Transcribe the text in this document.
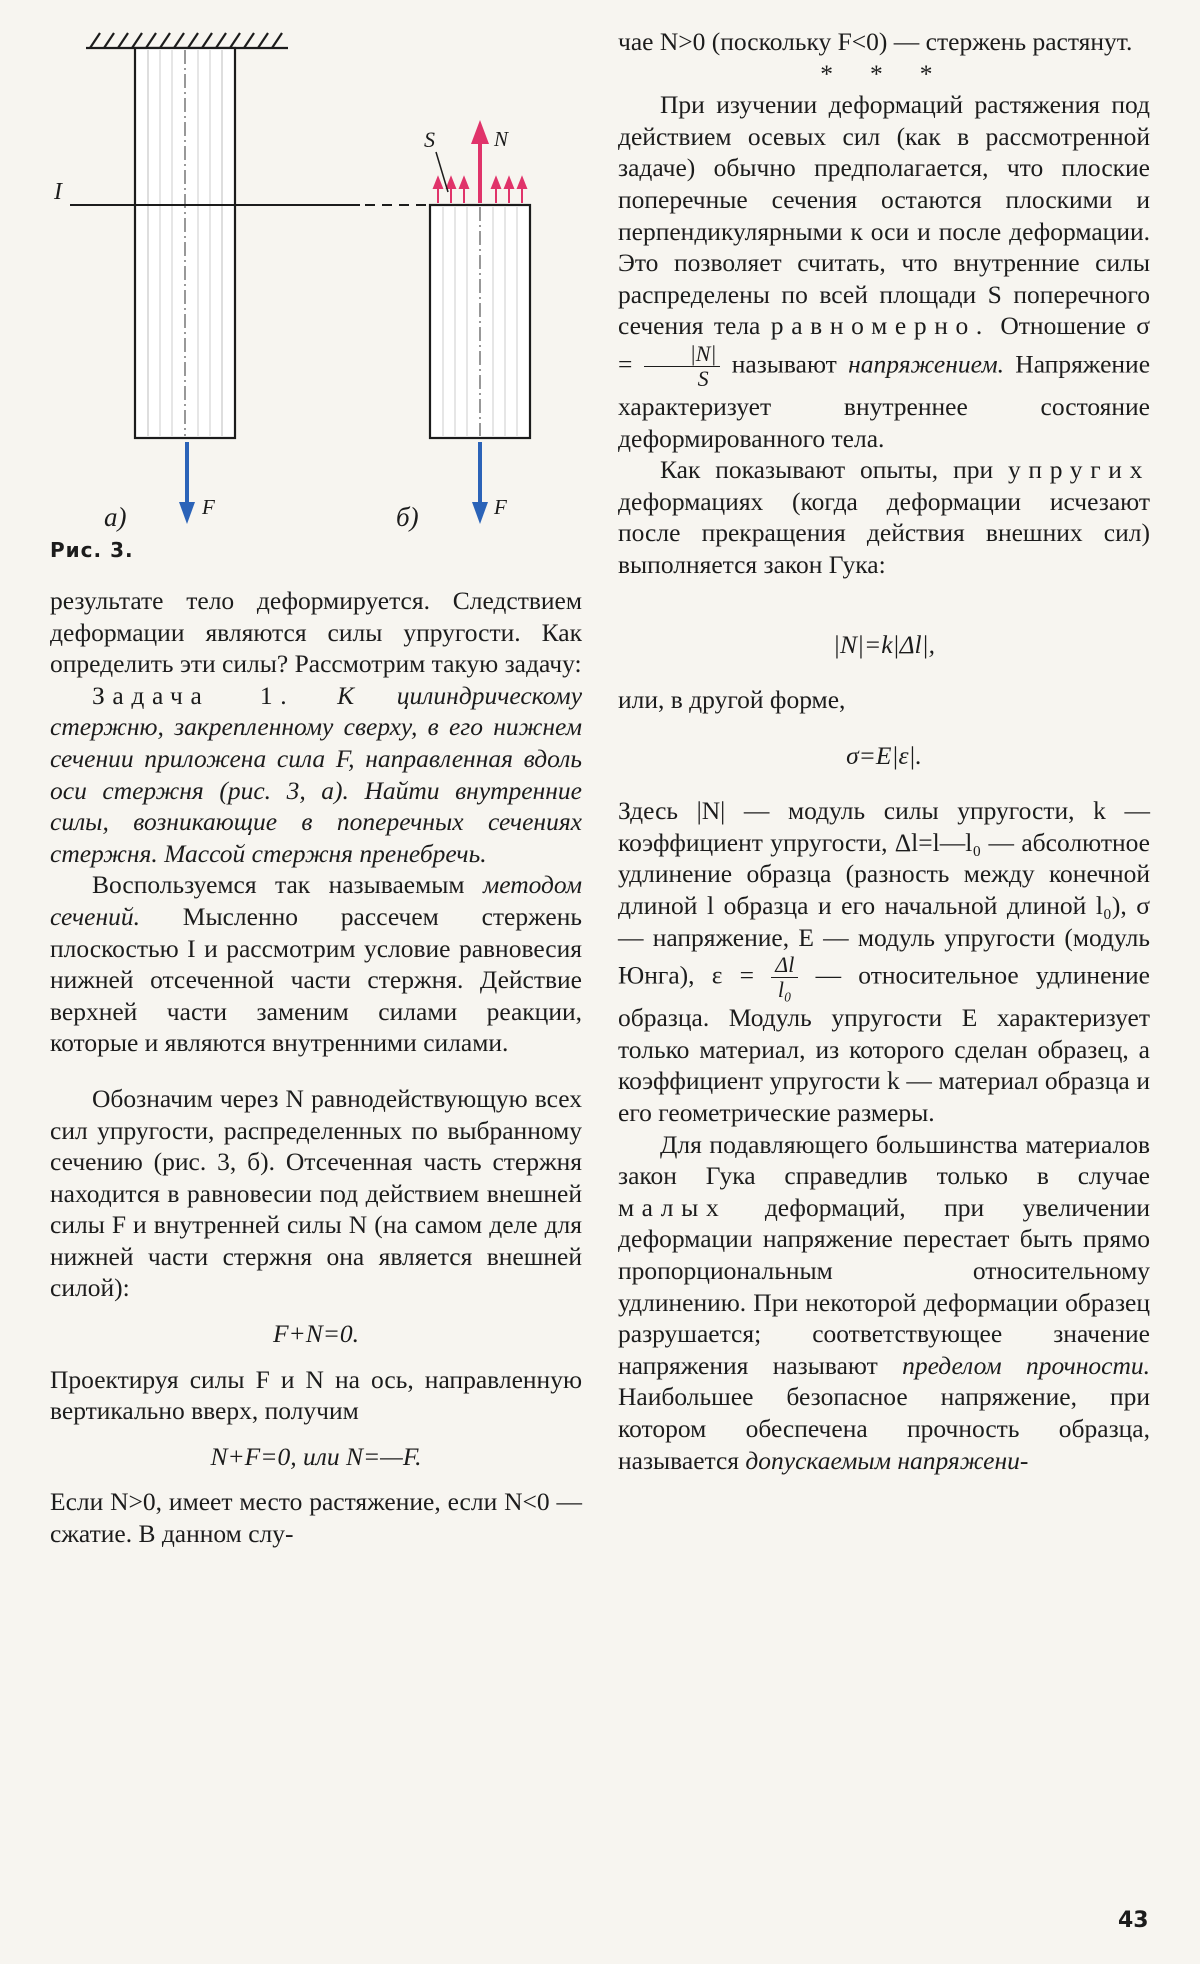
I
F
а)
N
S
F
б)
Рис. 3.

результате тело деформируется. Следствием деформации являются силы упругости. Как определить эти силы? Рассмотрим такую задачу:

Задача 1. К цилиндрическому стержню, закрепленному сверху, в его нижнем сечении приложена сила F, направленная вдоль оси стержня (рис. 3, а). Найти внутренние силы, возникающие в поперечных сечениях стержня. Массой стержня пренебречь.

Воспользуемся так называемым методом сечений. Мысленно рассечем стержень плоскостью I и рассмотрим условие равновесия нижней отсеченной части стержня. Действие верхней части заменим силами реакции, которые и являются внутренними силами.

Обозначим через N равнодействующую всех сил упругости, распределенных по выбранному сечению (рис. 3, б). Отсеченная часть стержня находится в равновесии под действием внешней силы F и внутренней силы N (на самом деле для нижней части стержня она является внешней силой):

F+N=0.

Проектируя силы F и N на ось, направленную вертикально вверх, получим

N+F=0, или N=—F.

Если N>0, имеет место растяжение, если N<0 — сжатие. В данном слу-

чае N>0 (поскольку F<0) — стержень растянут.

* * *

При изучении деформаций растяжения под действием осевых сил (как в рассмотренной задаче) обычно предполагается, что плоские поперечные сечения остаются плоскими и перпендикулярными к оси и после деформации. Это позволяет считать, что внутренние силы распределены по всей площади S поперечного сечения тела равномерно. Отношение $\sigma = \frac{|N|}{S}$ называют напряжением. Напряжение характеризует внутреннее состояние деформированного тела.

Как показывают опыты, при упругих деформациях (когда деформации исчезают после прекращения действия внешних сил) выполняется закон Гука:

|N|=k|Δl|,

или, в другой форме,

σ=E|ε|.

Здесь |N| — модуль силы упругости, k — коэффициент упругости, Δl=l—l₀ — абсолютное удлинение образца (разность между конечной длиной l образца и его начальной длиной l₀), σ — напряжение, E — модуль упругости (модуль Юнга), $\varepsilon = \frac{\Delta l}{\text{l₀}}$ — относительное удлинение образца. Модуль упругости E характеризует только материал, из которого сделан образец, а коэффициент упругости k — материал образца и его геометрические размеры.

Для подавляющего большинства материалов закон Гука справедлив только в случае малых деформаций, при увеличении деформации напряжение перестает быть прямо пропорциональным относительному удлинению. При некоторой деформации образец разрушается; соответствующее значение напряжения называют пределом прочности. Наибольшее безопасное напряжение, при котором обеспечена прочность образца, называется допускаемым напряжени-

43
